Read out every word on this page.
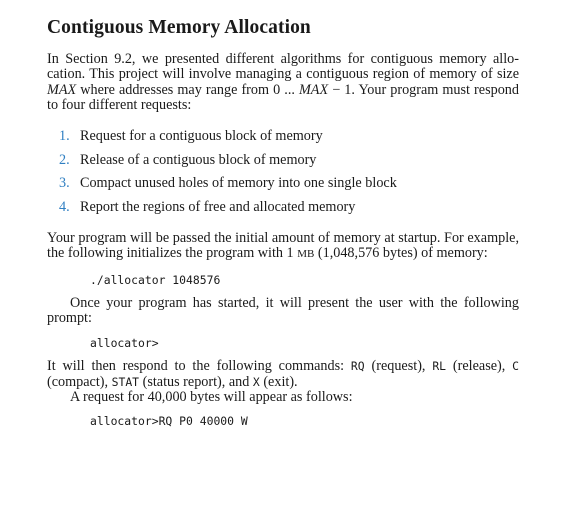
Contiguous Memory Allocation

In Section 9.2, we presented different algorithms for contiguous memory allo- cation. This project will involve managing a contiguous region of memory of size MAX where addresses may range from 0 ... MAX − 1. Your program must respond to four different requests:

1. Request for a contiguous block of memory
2. Release of a contiguous block of memory
3. Compact unused holes of memory into one single block
4. Report the regions of free and allocated memory

Your program will be passed the initial amount of memory at startup. For example, the following initializes the program with 1 MB (1,048,576 bytes) of memory:

./allocator 1048576

Once your program has started, it will present the user with the following prompt:

allocator>

It will then respond to the following commands: RQ (request), RL (release), C (compact), STAT (status report), and X (exit).

A request for 40,000 bytes will appear as follows:

allocator>RQ P0 40000 W
